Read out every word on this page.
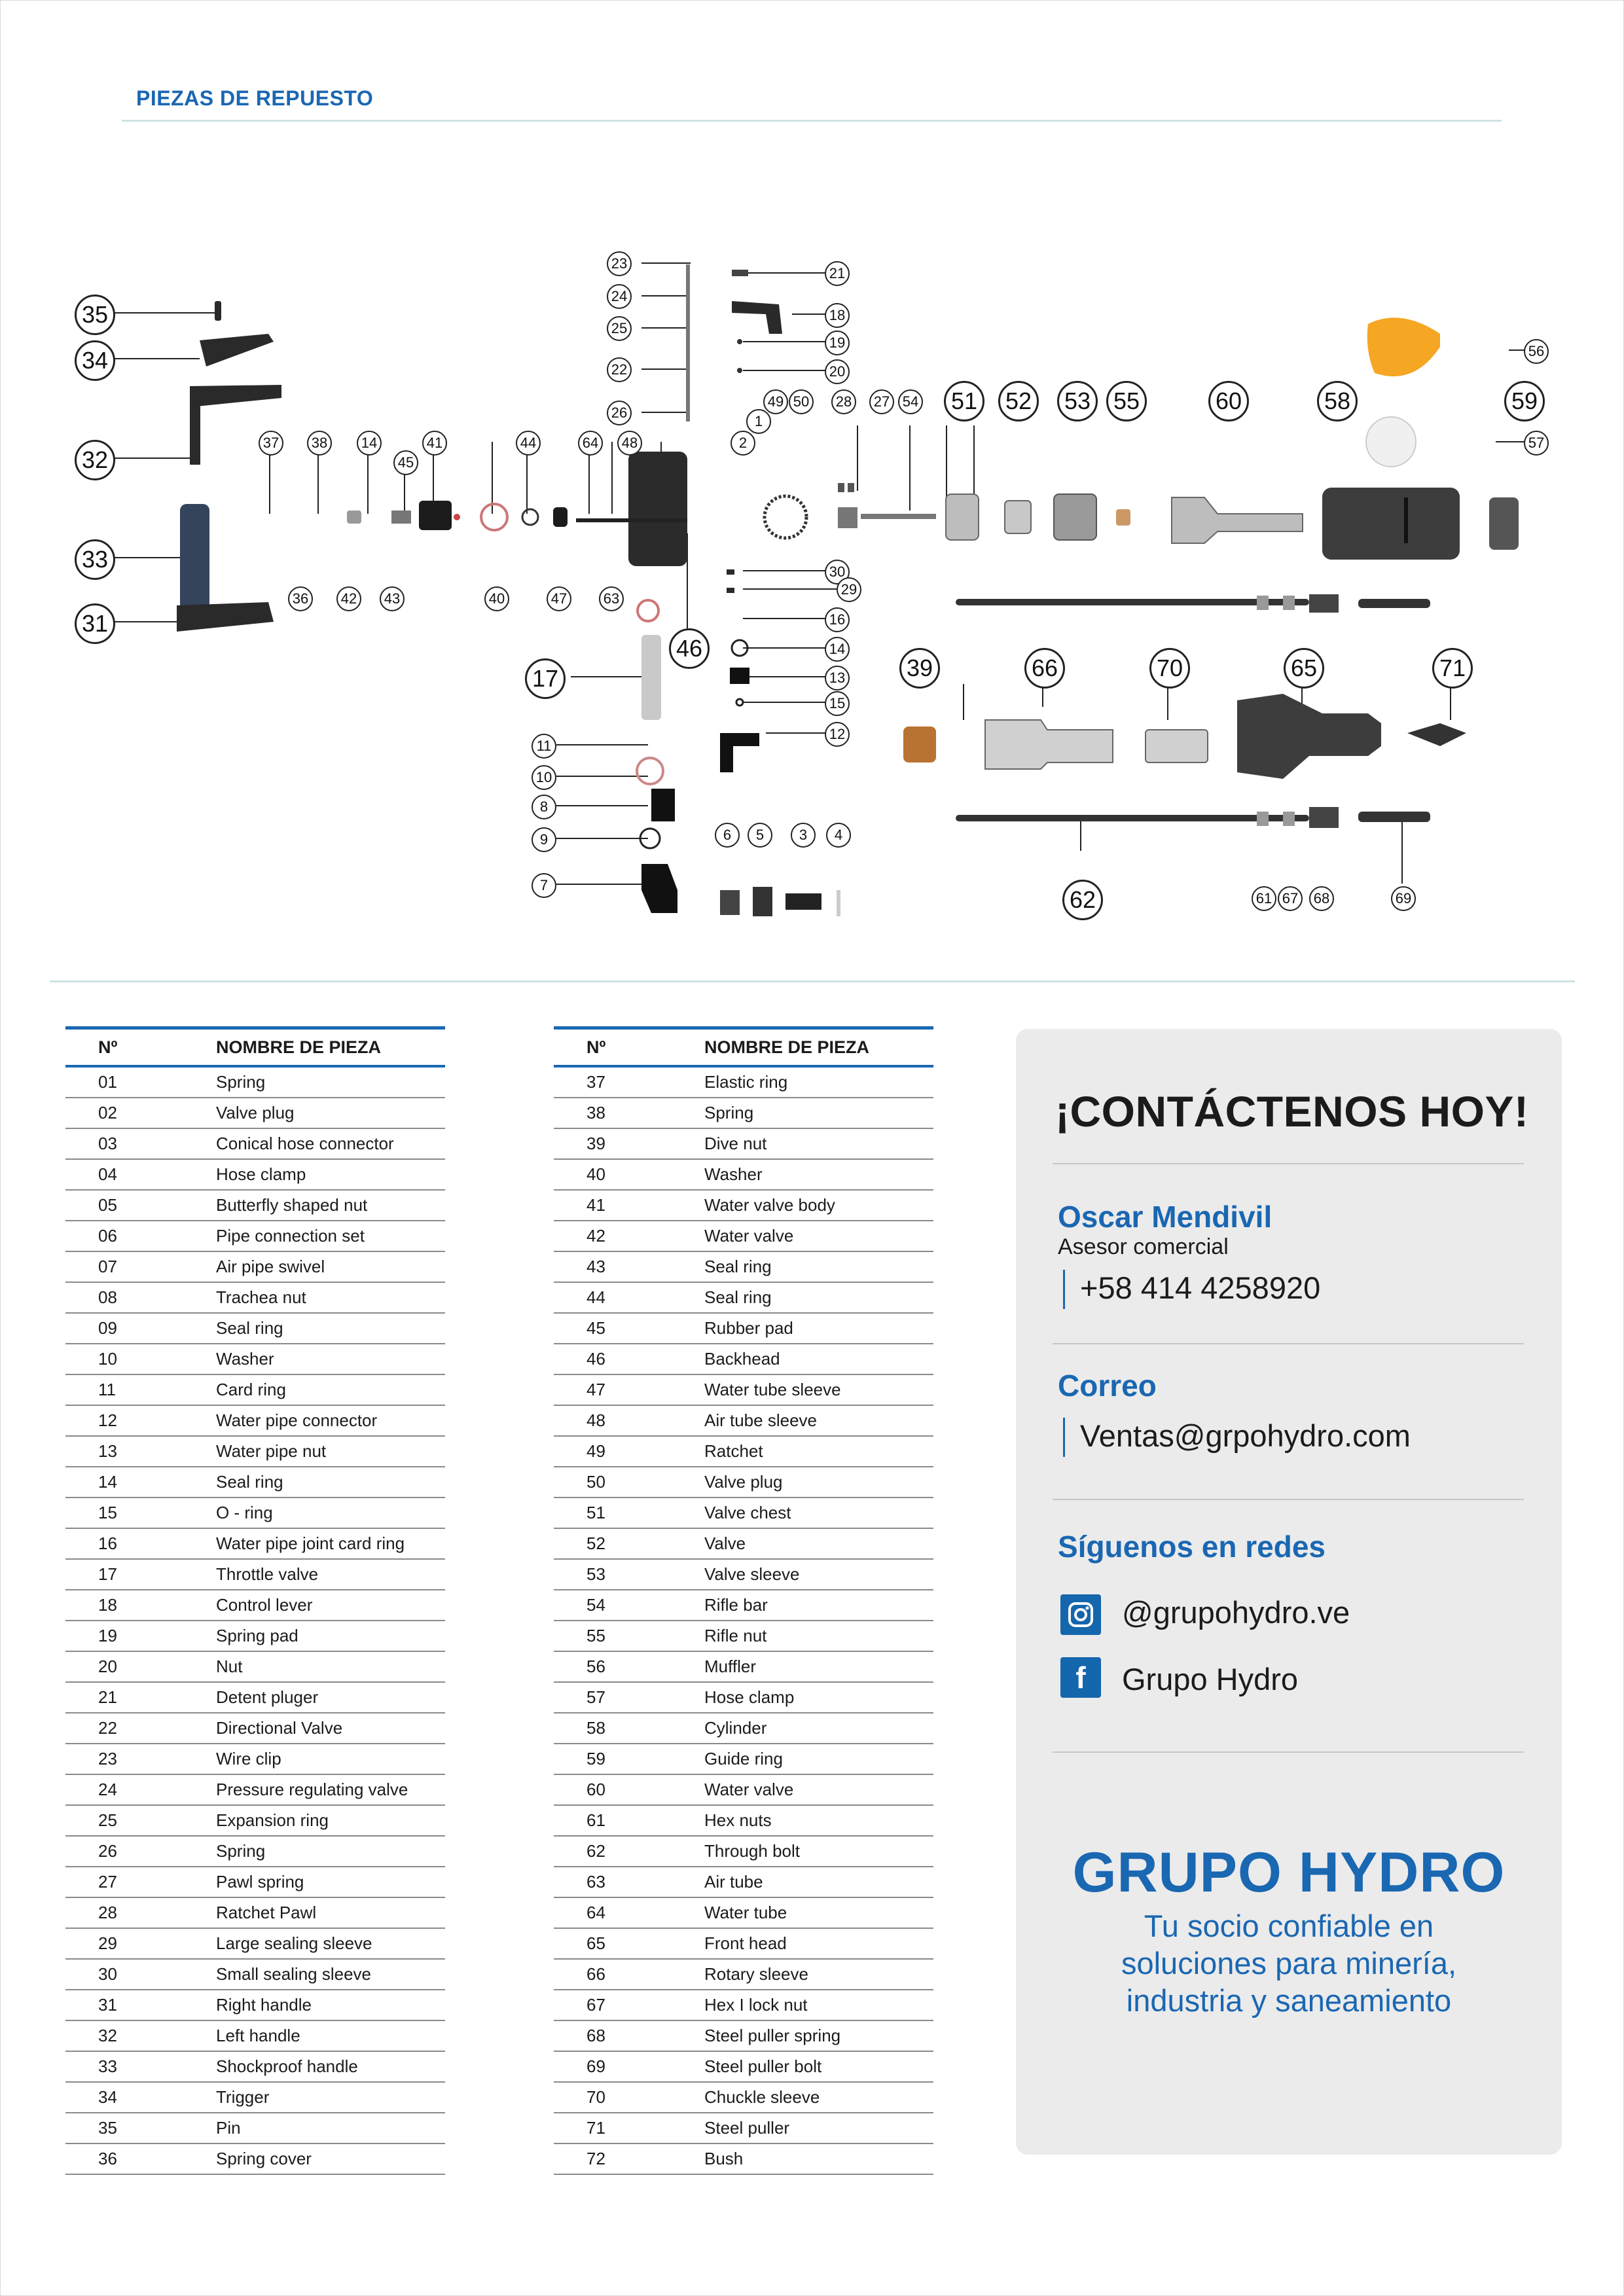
PIEZAS DE REPUESTO
35
34
32
33
31
37	38	14	41
45
36	42	43
44
40	47
64	48
63
23
24
25
22
26
17
46
11
10
8
9
7
21
18
19
20
2
1
49 50	28	27 54
30
29
16
14
13
15
12
6	5	3	4
51	52	53 55	60	58	59
56
57
39	66	70	65	71
62	61 67	68	69
Nº	NOMBRE DE PIEZA
01	Spring
02	Valve plug
03	Conical hose connector
04	Hose clamp
05	Butterfly shaped nut
06	Pipe connection set
07	Air pipe swivel
08	Trachea nut
09	Seal ring
10	Washer
11	Card ring
12	Water pipe connector
13	Water pipe nut
14	Seal ring
15	O - ring
16	Water pipe joint card ring
17	Throttle valve
18	Control lever
19	Spring pad
20	Nut
21	Detent pluger
22	Directional Valve
23	Wire clip
24	Pressure regulating valve
25	Expansion ring
26	Spring
27	Pawl spring
28	Ratchet Pawl
29	Large sealing sleeve
30	Small sealing sleeve
31	Right handle
32	Left handle
33	Shockproof handle
34	Trigger
35	Pin
36	Spring cover
Nº	NOMBRE DE PIEZA
37	Elastic ring
38	Spring
39	Dive nut
40	Washer
41	Water valve body
42	Water valve
43	Seal ring
44	Seal ring
45	Rubber pad
46	Backhead
47	Water tube sleeve
48	Air tube sleeve
49	Ratchet
50	Valve plug
51	Valve chest
52	Valve
53	Valve sleeve
54	Rifle bar
55	Rifle nut
56	Muffler
57	Hose clamp
58	Cylinder
59	Guide ring
60	Water valve
61	Hex nuts
62	Through bolt
63	Air tube
64	Water tube
65	Front head
66	Rotary sleeve
67	Hex I lock nut
68	Steel puller spring
69	Steel puller bolt
70	Chuckle sleeve
71	Steel puller
72	Bush
¡CONTÁCTENOS HOY!
Oscar Mendivil
Asesor comercial
+58 414 4258920
Correo
Ventas@grpohydro.com
Síguenos en redes
@grupohydro.ve
f	Grupo Hydro
GRUPO HYDRO
Tu socio confiable en soluciones para minería, industria y saneamiento
